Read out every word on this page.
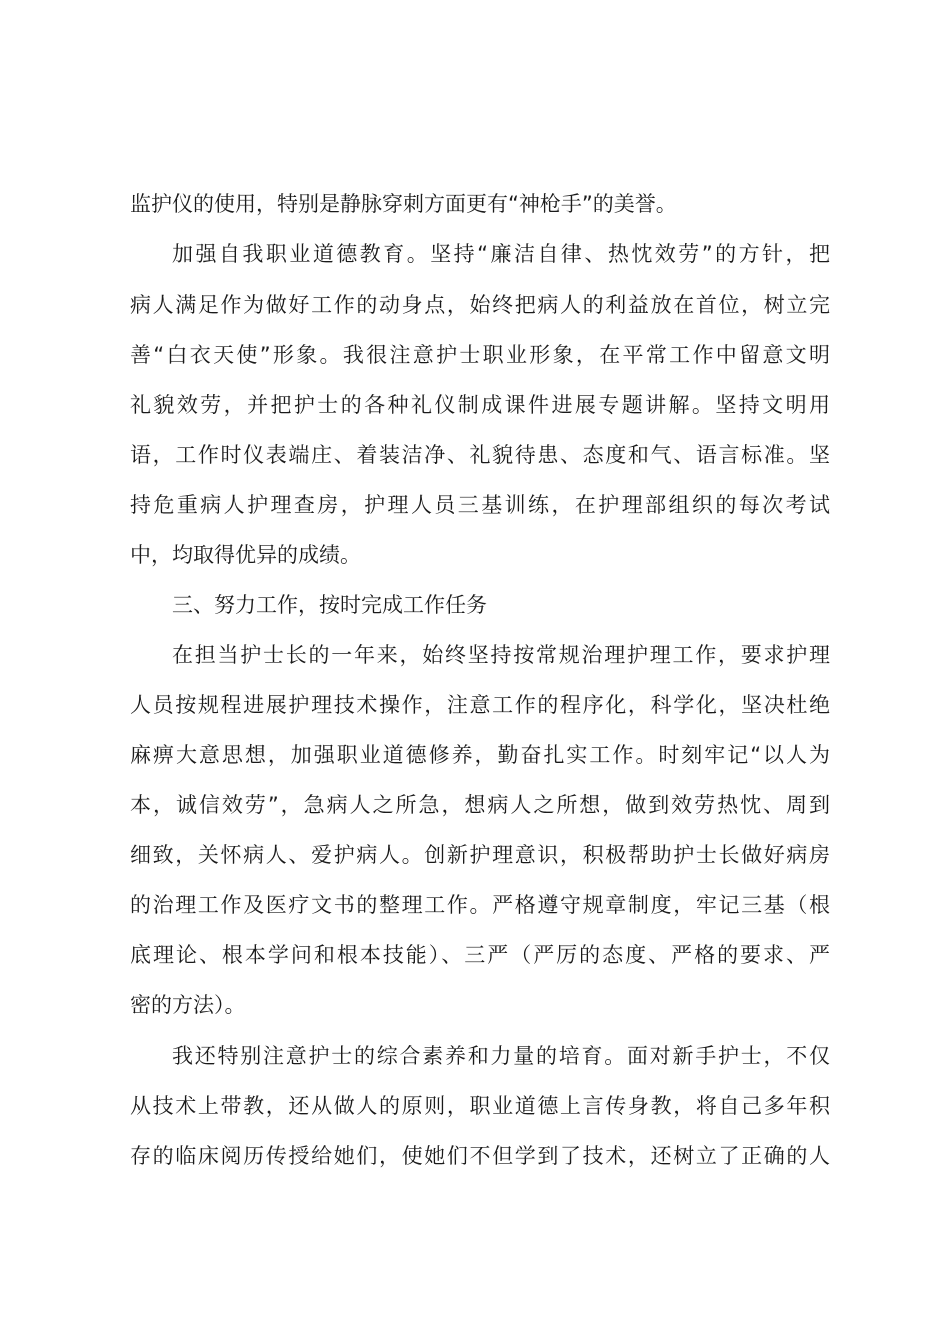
监护仪的使用，特别是静脉穿刺方面更有“神枪手”的美誉。
加强自我职业道德教育。坚持“廉洁自律、热忱效劳”的方针，把
病人满足作为做好工作的动身点，始终把病人的利益放在首位，树立完
善“白衣天使”形象。我很注意护士职业形象，在平常工作中留意文明
礼貌效劳，并把护士的各种礼仪制成课件进展专题讲解。坚持文明用
语，工作时仪表端庄、着装洁净、礼貌待患、态度和气、语言标准。坚
持危重病人护理查房，护理人员三基训练，在护理部组织的每次考试
中，均取得优异的成绩。
三、努力工作，按时完成工作任务
在担当护士长的一年来，始终坚持按常规治理护理工作，要求护理
人员按规程进展护理技术操作，注意工作的程序化，科学化，坚决杜绝
麻痹大意思想，加强职业道德修养，勤奋扎实工作。时刻牢记“以人为
本，诚信效劳”，急病人之所急，想病人之所想，做到效劳热忱、周到
细致，关怀病人、爱护病人。创新护理意识，积极帮助护士长做好病房
的治理工作及医疗文书的整理工作。严格遵守规章制度，牢记三基（根
底理论、根本学问和根本技能）、三严（严厉的态度、严格的要求、严
密的方法）。
我还特别注意护士的综合素养和力量的培育。面对新手护士，不仅
从技术上带教，还从做人的原则，职业道德上言传身教，将自己多年积
存的临床阅历传授给她们，使她们不但学到了技术，还树立了正确的人
